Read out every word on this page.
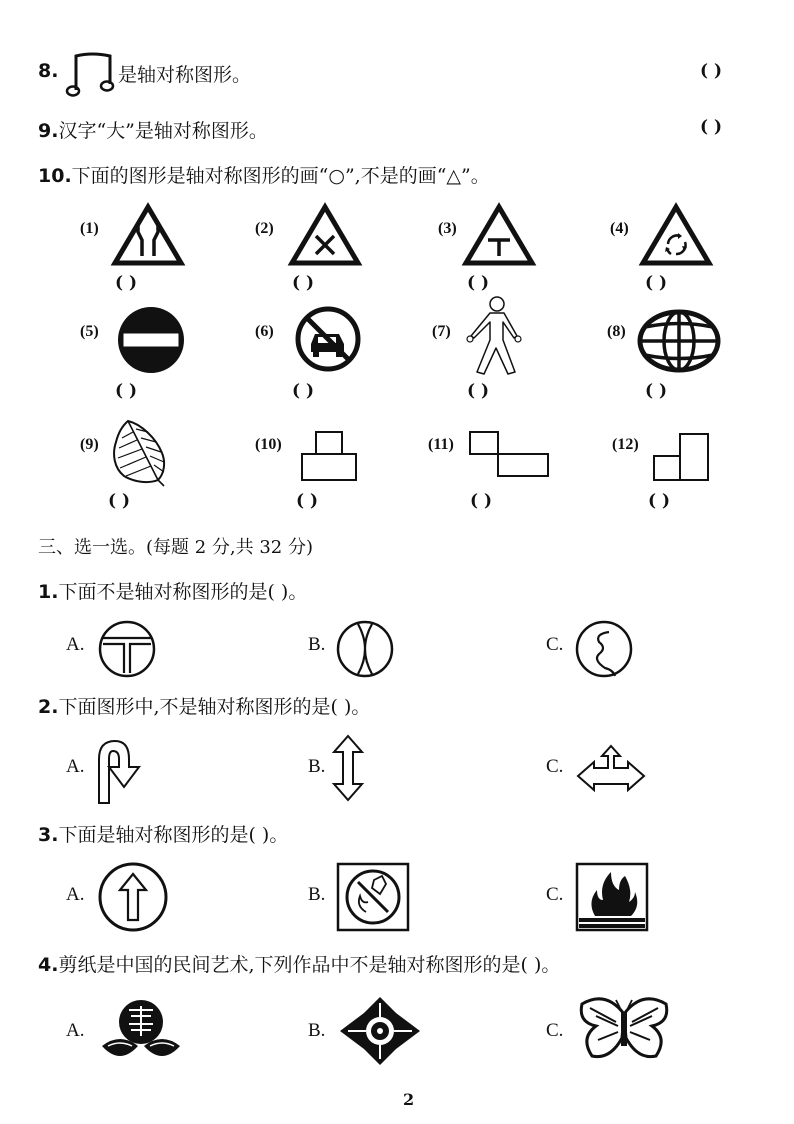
8.	是轴对称图形。	( )
9.汉字“大”是轴对称图形。	( )
10.下面的图形是轴对称图形的画“○”,不是的画“△”。
(1)	(2)	(3)	(4)
( )	( )	( )	( )
(5)	(6)	(7)	(8)
( )	( )	( )	( )
(9)	(10)	(11)	(12)
( )	( )	( )	( )
三、选一选。(每题 2 分,共 32 分)
1.下面不是轴对称图形的是( )。
A.	B.	C.
2.下面图形中,不是轴对称图形的是( )。
A.	B.	C.
3.下面是轴对称图形的是( )。
A.	B.	C.
4.剪纸是中国的民间艺术,下列作品中不是轴对称图形的是( )。
A.	B.	C.
2
